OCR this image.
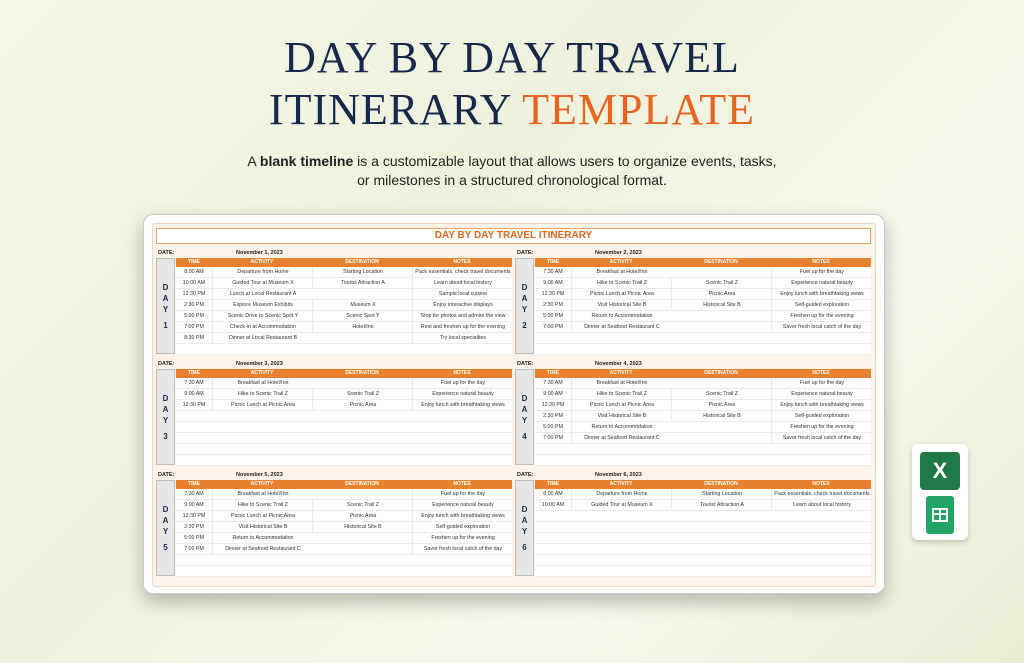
DAY BY DAY TRAVEL
ITINERARY TEMPLATE
A blank timeline is a customizable layout that allows users to organize events, tasks,
or milestones in a structured chronological format.
DAY BY DAY TRAVEL ITINERARY
DATE:	November 1, 2023
D
A
Y
1
TIME	ACTIVITY	DESTINATION	NOTES
8:00 AM	Departure from Home	Starting Location	Pack essentials, check travel documents
10:00 AM	Guided Tour at Museum X	Tourist Attraction A	Learn about local history
12:30 PM	Lunch at Local Restaurant A	Sample local cuisine
2:30 PM	Explore Museum Exhibits	Museum X	Enjoy interactive displays
5:00 PM	Scenic Drive to Scenic Spot Y	Scenic Spot Y	Stop for photos and admire the view
7:00 PM	Check-in at Accommodation	Hotel/Inn	Rest and freshen up for the evening
8:30 PM	Dinner at Local Restaurant B	Try local specialties
DATE:	November 2, 2023
D
A
Y
2
TIME	ACTIVITY	DESTINATION	NOTES
7:30 AM	Breakfast at Hotel/Inn	Fuel up for the day
9:00 AM	Hike to Scenic Trail Z	Scenic Trail Z	Experience natural beauty
12:30 PM	Picnic Lunch at Picnic Area	Picnic Area	Enjoy lunch with breathtaking views
2:30 PM	Visit Historical Site B	Historical Site B	Self-guided exploration
5:00 PM	Return to Accommodation	Freshen up for the evening
7:00 PM	Dinner at Seafood Restaurant C	Savor fresh local catch of the day
DATE:	November 3, 2023
D
A
Y
3
TIME	ACTIVITY	DESTINATION	NOTES
7:30 AM	Breakfast at Hotel/Inn	Fuel up for the day
9:00 AM	Hike to Scenic Trail Z	Scenic Trail Z	Experience natural beauty
12:30 PM	Picnic Lunch at Picnic Area	Picnic Area	Enjoy lunch with breathtaking views
DATE:	November 4, 2023
D
A
Y
4
TIME	ACTIVITY	DESTINATION	NOTES
7:30 AM	Breakfast at Hotel/Inn	Fuel up for the day
9:00 AM	Hike to Scenic Trail Z	Scenic Trail Z	Experience natural beauty
12:30 PM	Picnic Lunch at Picnic Area	Picnic Area	Enjoy lunch with breathtaking views
2:30 PM	Visit Historical Site B	Historical Site B	Self-guided exploration
5:00 PM	Return to Accommodation	Freshen up for the evening
7:00 PM	Dinner at Seafood Restaurant C	Savor fresh local catch of the day
DATE:	November 5, 2023
D
A
Y
5
TIME	ACTIVITY	DESTINATION	NOTES
7:30 AM	Breakfast at Hotel/Inn	Fuel up for the day
9:00 AM	Hike to Scenic Trail Z	Scenic Trail Z	Experience natural beauty
12:30 PM	Picnic Lunch at Picnic Area	Picnic Area	Enjoy lunch with breathtaking views
2:30 PM	Visit Historical Site B	Historical Site B	Self-guided exploration
5:00 PM	Return to Accommodation	Freshen up for the evening
7:00 PM	Dinner at Seafood Restaurant C	Savor fresh local catch of the day
DATE:	November 6, 2023
D
A
Y
6
TIME	ACTIVITY	DESTINATION	NOTES
8:00 AM	Departure from Home	Starting Location	Pack essentials, check travel documents
10:00 AM	Guided Tour at Museum X	Tourist Attraction A	Learn about local history
X
